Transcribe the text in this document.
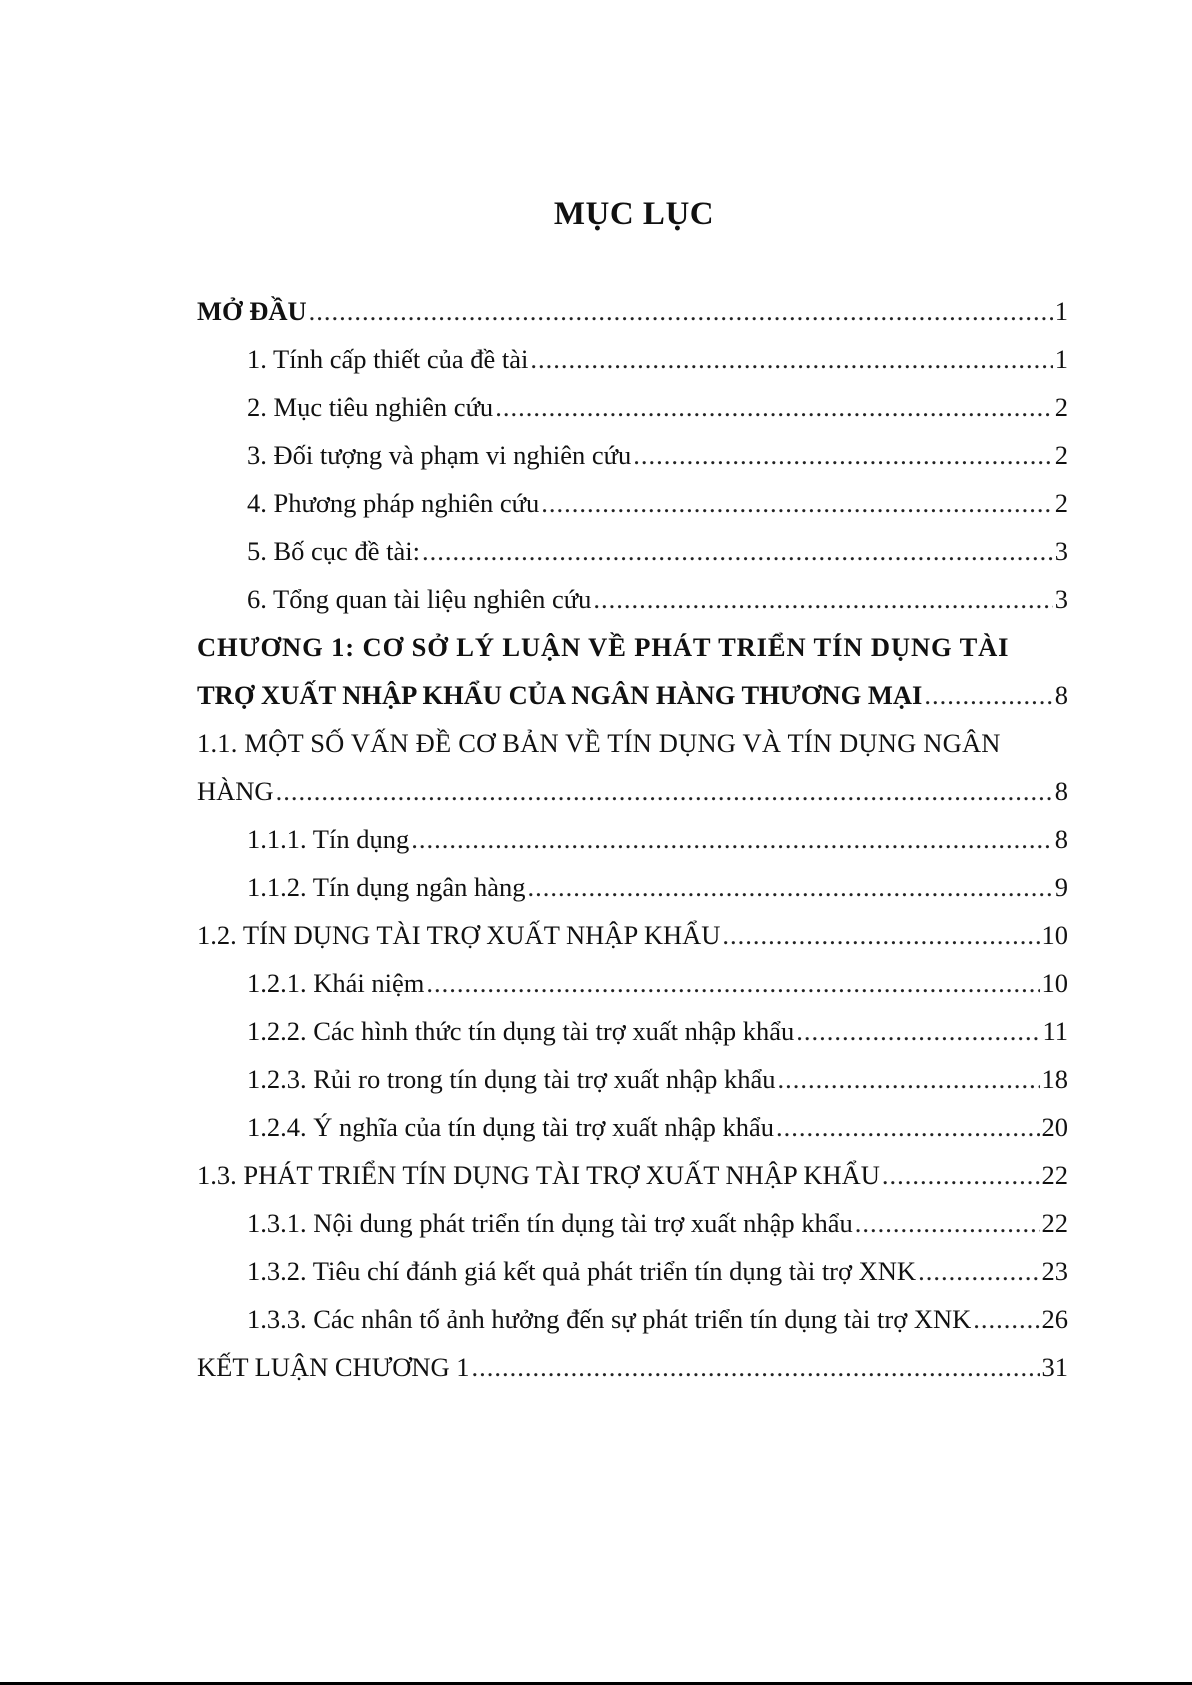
MỤC LỤC
MỞ ĐẦU .....	1
1. Tính cấp thiết của đề tài .....	1
2. Mục tiêu nghiên cứu .....	2
3. Đối tượng và phạm vi nghiên cứu .....	2
4. Phương pháp nghiên cứu .....	2
5. Bố cục đề tài: .....	3
6. Tổng quan tài liệu nghiên cứu .....	3
CHƯƠNG 1: CƠ SỞ LÝ LUẬN VỀ PHÁT TRIỂN TÍN DỤNG TÀI
TRỢ XUẤT NHẬP KHẨU CỦA NGÂN HÀNG THƯƠNG MẠI .....	8
1.1. MỘT SỐ VẤN ĐỀ CƠ BẢN VỀ TÍN DỤNG VÀ TÍN DỤNG NGÂN
HÀNG .....	8
1.1.1. Tín dụng .....	8
1.1.2. Tín dụng ngân hàng .....	9
1.2. TÍN DỤNG TÀI TRỢ XUẤT NHẬP KHẨU .....	10
1.2.1. Khái niệm .....	10
1.2.2. Các hình thức tín dụng tài trợ xuất nhập khẩu .....	11
1.2.3. Rủi ro trong tín dụng tài trợ xuất nhập khẩu .....	18
1.2.4. Ý nghĩa của tín dụng tài trợ xuất nhập khẩu .....	20
1.3. PHÁT TRIỂN TÍN DỤNG TÀI TRỢ XUẤT NHẬP KHẨU .....	22
1.3.1. Nội dung phát triển tín dụng tài trợ xuất nhập khẩu .....	22
1.3.2. Tiêu chí đánh giá kết quả phát triển tín dụng tài trợ XNK .....	23
1.3.3. Các nhân tố ảnh hưởng đến sự phát triển tín dụng tài trợ XNK .....	26
KẾT LUẬN CHƯƠNG 1 .....	31
